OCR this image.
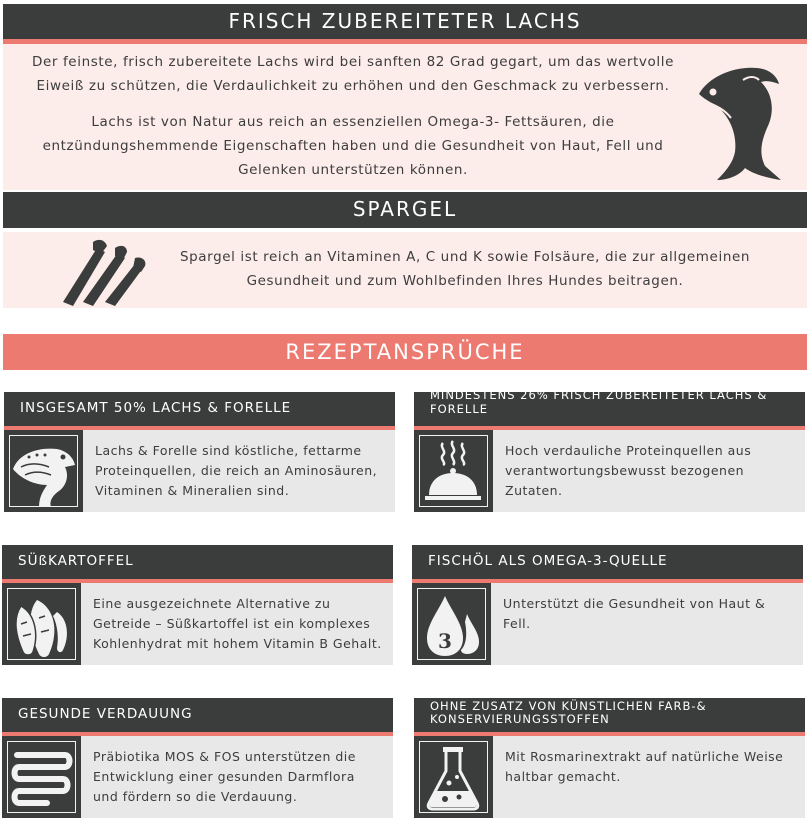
FRISCH ZUBEREITETER LACHS

Der feinste, frisch zubereitete Lachs wird bei sanften 82 Grad gegart, um das wertvolle Eiweiß zu schützen, die Verdaulichkeit zu erhöhen und den Geschmack zu verbessern.

Lachs ist von Natur aus reich an essenziellen Omega-3- Fettsäuren, die entzündungshemmende Eigenschaften haben und die Gesundheit von Haut, Fell und Gelenken unterstützen können.

SPARGEL

Spargel ist reich an Vitaminen A, C und K sowie Folsäure, die zur allgemeinen Gesundheit und zum Wohlbefinden Ihres Hundes beitragen.

REZEPTANSPRÜCHE
INSGESAMT 50% LACHS & FORELLE

Lachs & Forelle sind köstliche, fettarme Proteinquellen, die reich an Aminosäuren, Vitaminen & Mineralien sind.

MINDESTENS 26% FRISCH ZUBEREITETER LACHS & FORELLE

Hoch verdauliche Proteinquellen aus verantwortungsbewusst bezogenen Zutaten.

SÜßKARTOFFEL

Eine ausgezeichnete Alternative zu Getreide – Süßkartoffel ist ein komplexes Kohlenhydrat mit hohem Vitamin B Gehalt.

FISCHÖL ALS OMEGA-3-QUELLE
3

Unterstützt die Gesundheit von Haut & Fell.

GESUNDE VERDAUUNG

Präbiotika MOS & FOS unterstützen die Entwicklung einer gesunden Darmflora und fördern so die Verdauung.

OHNE ZUSATZ VON KÜNSTLICHEN FARB-& KONSERVIERUNGSSTOFFEN

Mit Rosmarinextrakt auf natürliche Weise haltbar gemacht.
